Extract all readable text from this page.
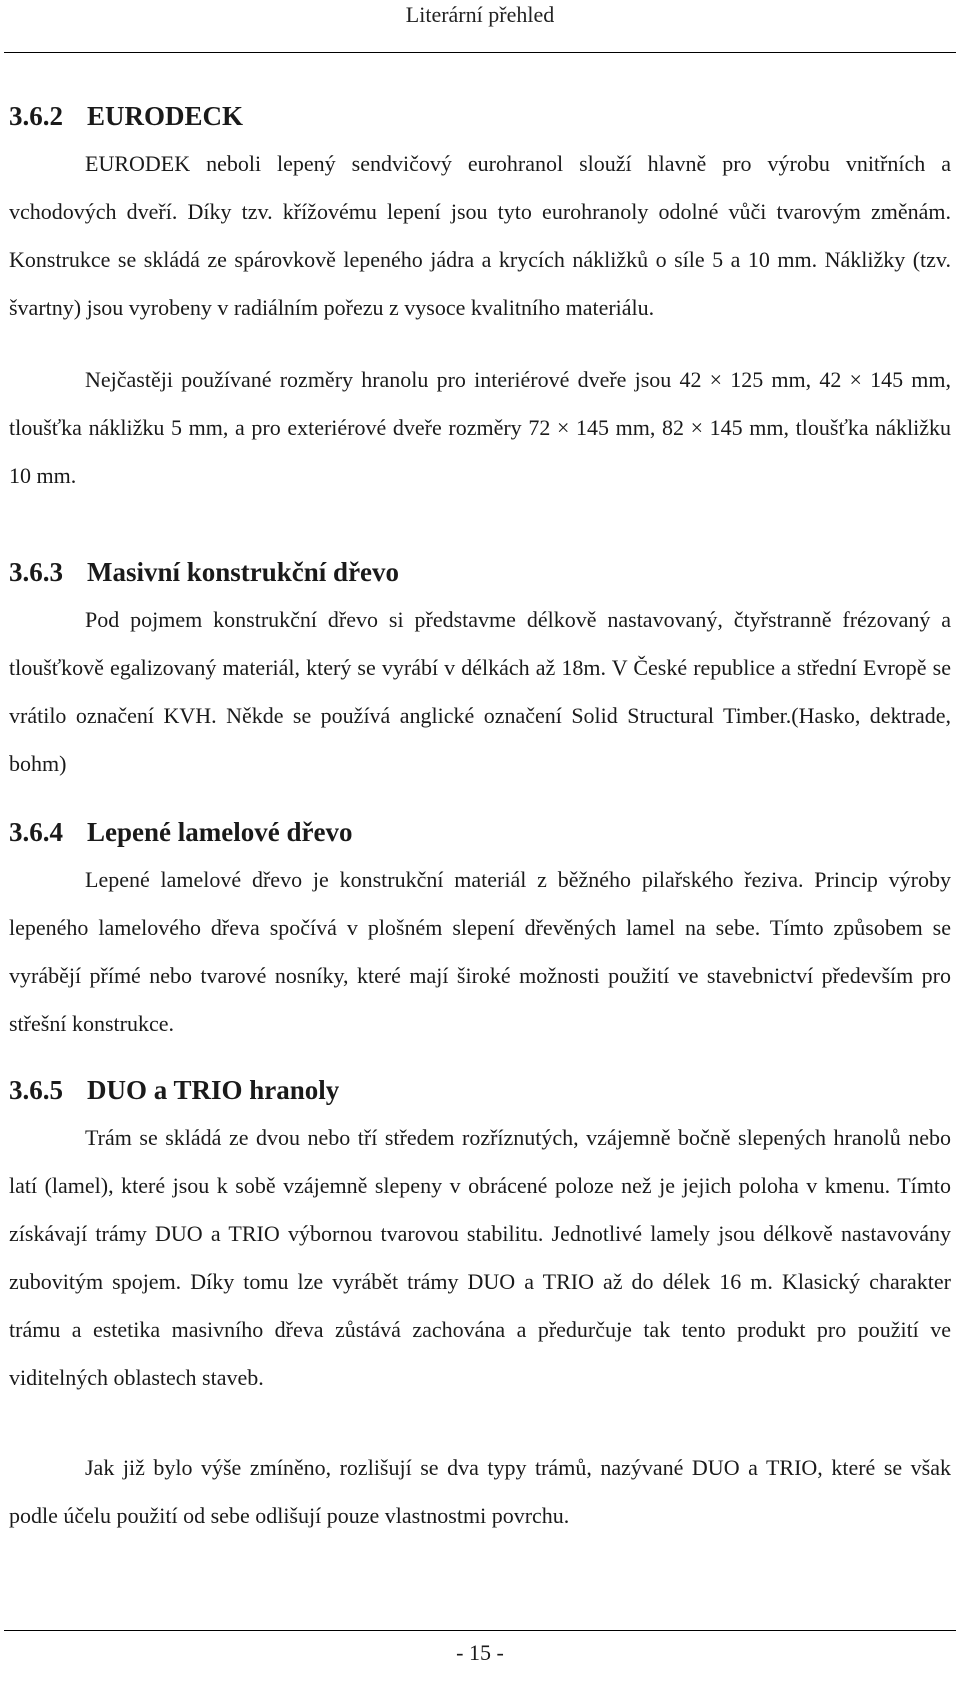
Literární přehled
3.6.2 EURODECK

EURODEK neboli lepený sendvičový eurohranol slouží hlavně pro výrobu vnitřních a vchodových dveří. Díky tzv. křížovému lepení jsou tyto eurohranoly odolné vůči tvarovým změnám. Konstrukce se skládá ze spárovkově lepeného jádra a krycích nákližků o síle 5 a 10 mm. Nákližky (tzv. švartny) jsou vyrobeny v radiálním pořezu z vysoce kvalitního materiálu.

Nejčastěji používané rozměry hranolu pro interiérové dveře jsou 42 × 125 mm, 42 × 145 mm, tloušťka nákližku 5 mm, a pro exteriérové dveře rozměry 72 × 145 mm, 82 × 145 mm, tloušťka nákližku 10 mm.

3.6.3 Masivní konstrukční dřevo

Pod pojmem konstrukční dřevo si představme délkově nastavovaný, čtyřstranně frézovaný a tloušťkově egalizovaný materiál, který se vyrábí v délkách až 18m. V České republice a střední Evropě se vrátilo označení KVH. Někde se používá anglické označení Solid Structural Timber.(Hasko, dektrade, bohm)

3.6.4 Lepené lamelové dřevo

Lepené lamelové dřevo je konstrukční materiál z běžného pilařského řeziva. Princip výroby lepeného lamelového dřeva spočívá v plošném slepení dřevěných lamel na sebe. Tímto způsobem se vyrábějí přímé nebo tvarové nosníky, které mají široké možnosti použití ve stavebnictví především pro střešní konstrukce.

3.6.5 DUO a TRIO hranoly

Trám se skládá ze dvou nebo tří středem rozříznutých, vzájemně bočně slepených hranolů nebo latí (lamel), které jsou k sobě vzájemně slepeny v obrácené poloze než je jejich poloha v kmenu. Tímto získávají trámy DUO a TRIO výbornou tvarovou stabilitu. Jednotlivé lamely jsou délkově nastavovány zubovitým spojem. Díky tomu lze vyrábět trámy DUO a TRIO až do délek 16 m. Klasický charakter trámu a estetika masivního dřeva zůstává zachována a předurčuje tak tento produkt pro použití ve viditelných oblastech staveb.

Jak již bylo výše zmíněno, rozlišují se dva typy trámů, nazývané DUO a TRIO, které se však podle účelu použití od sebe odlišují pouze vlastnostmi povrchu.

- 15 -
